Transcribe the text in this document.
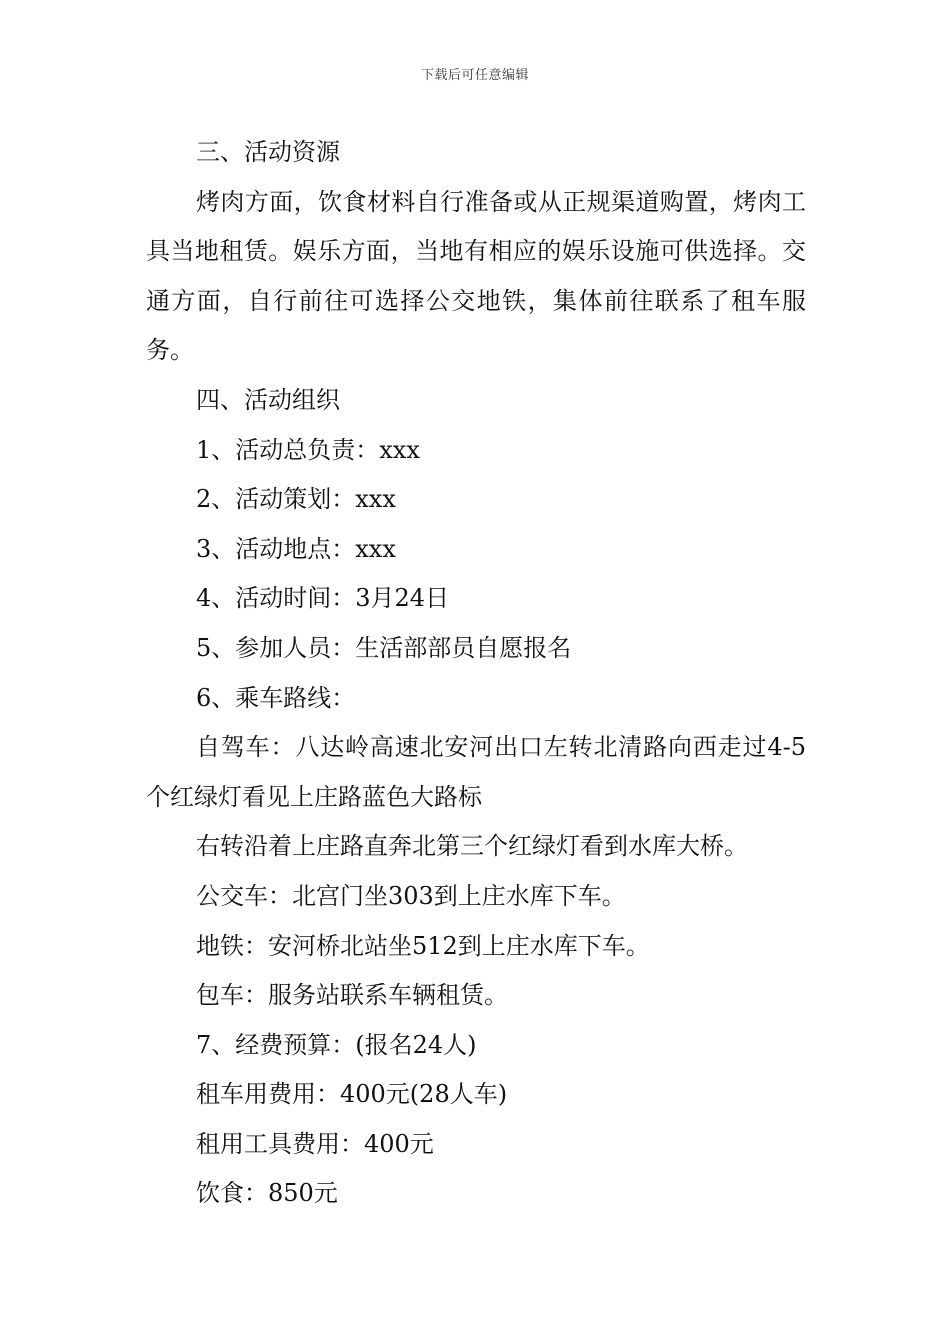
下载后可任意编辑

三、活动资源

烤肉方面，饮食材料自行准备或从正规渠道购置，烤肉工具当地租赁。娱乐方面，当地有相应的娱乐设施可供选择。交通方面，自行前往可选择公交地铁，集体前往联系了租车服务。

四、活动组织

1、活动总负责：xxx

2、活动策划：xxx

3、活动地点：xxx

4、活动时间：3月24日

5、参加人员：生活部部员自愿报名

6、乘车路线：

自驾车：八达岭高速北安河出口左转北清路向西走过4-5个红绿灯看见上庄路蓝色大路标

右转沿着上庄路直奔北第三个红绿灯看到水库大桥。

公交车：北宫门坐303到上庄水库下车。

地铁：安河桥北站坐512到上庄水库下车。

包车：服务站联系车辆租赁。

7、经费预算：(报名24人)

租车用费用：400元(28人车)

租用工具费用：400元

饮食：850元
